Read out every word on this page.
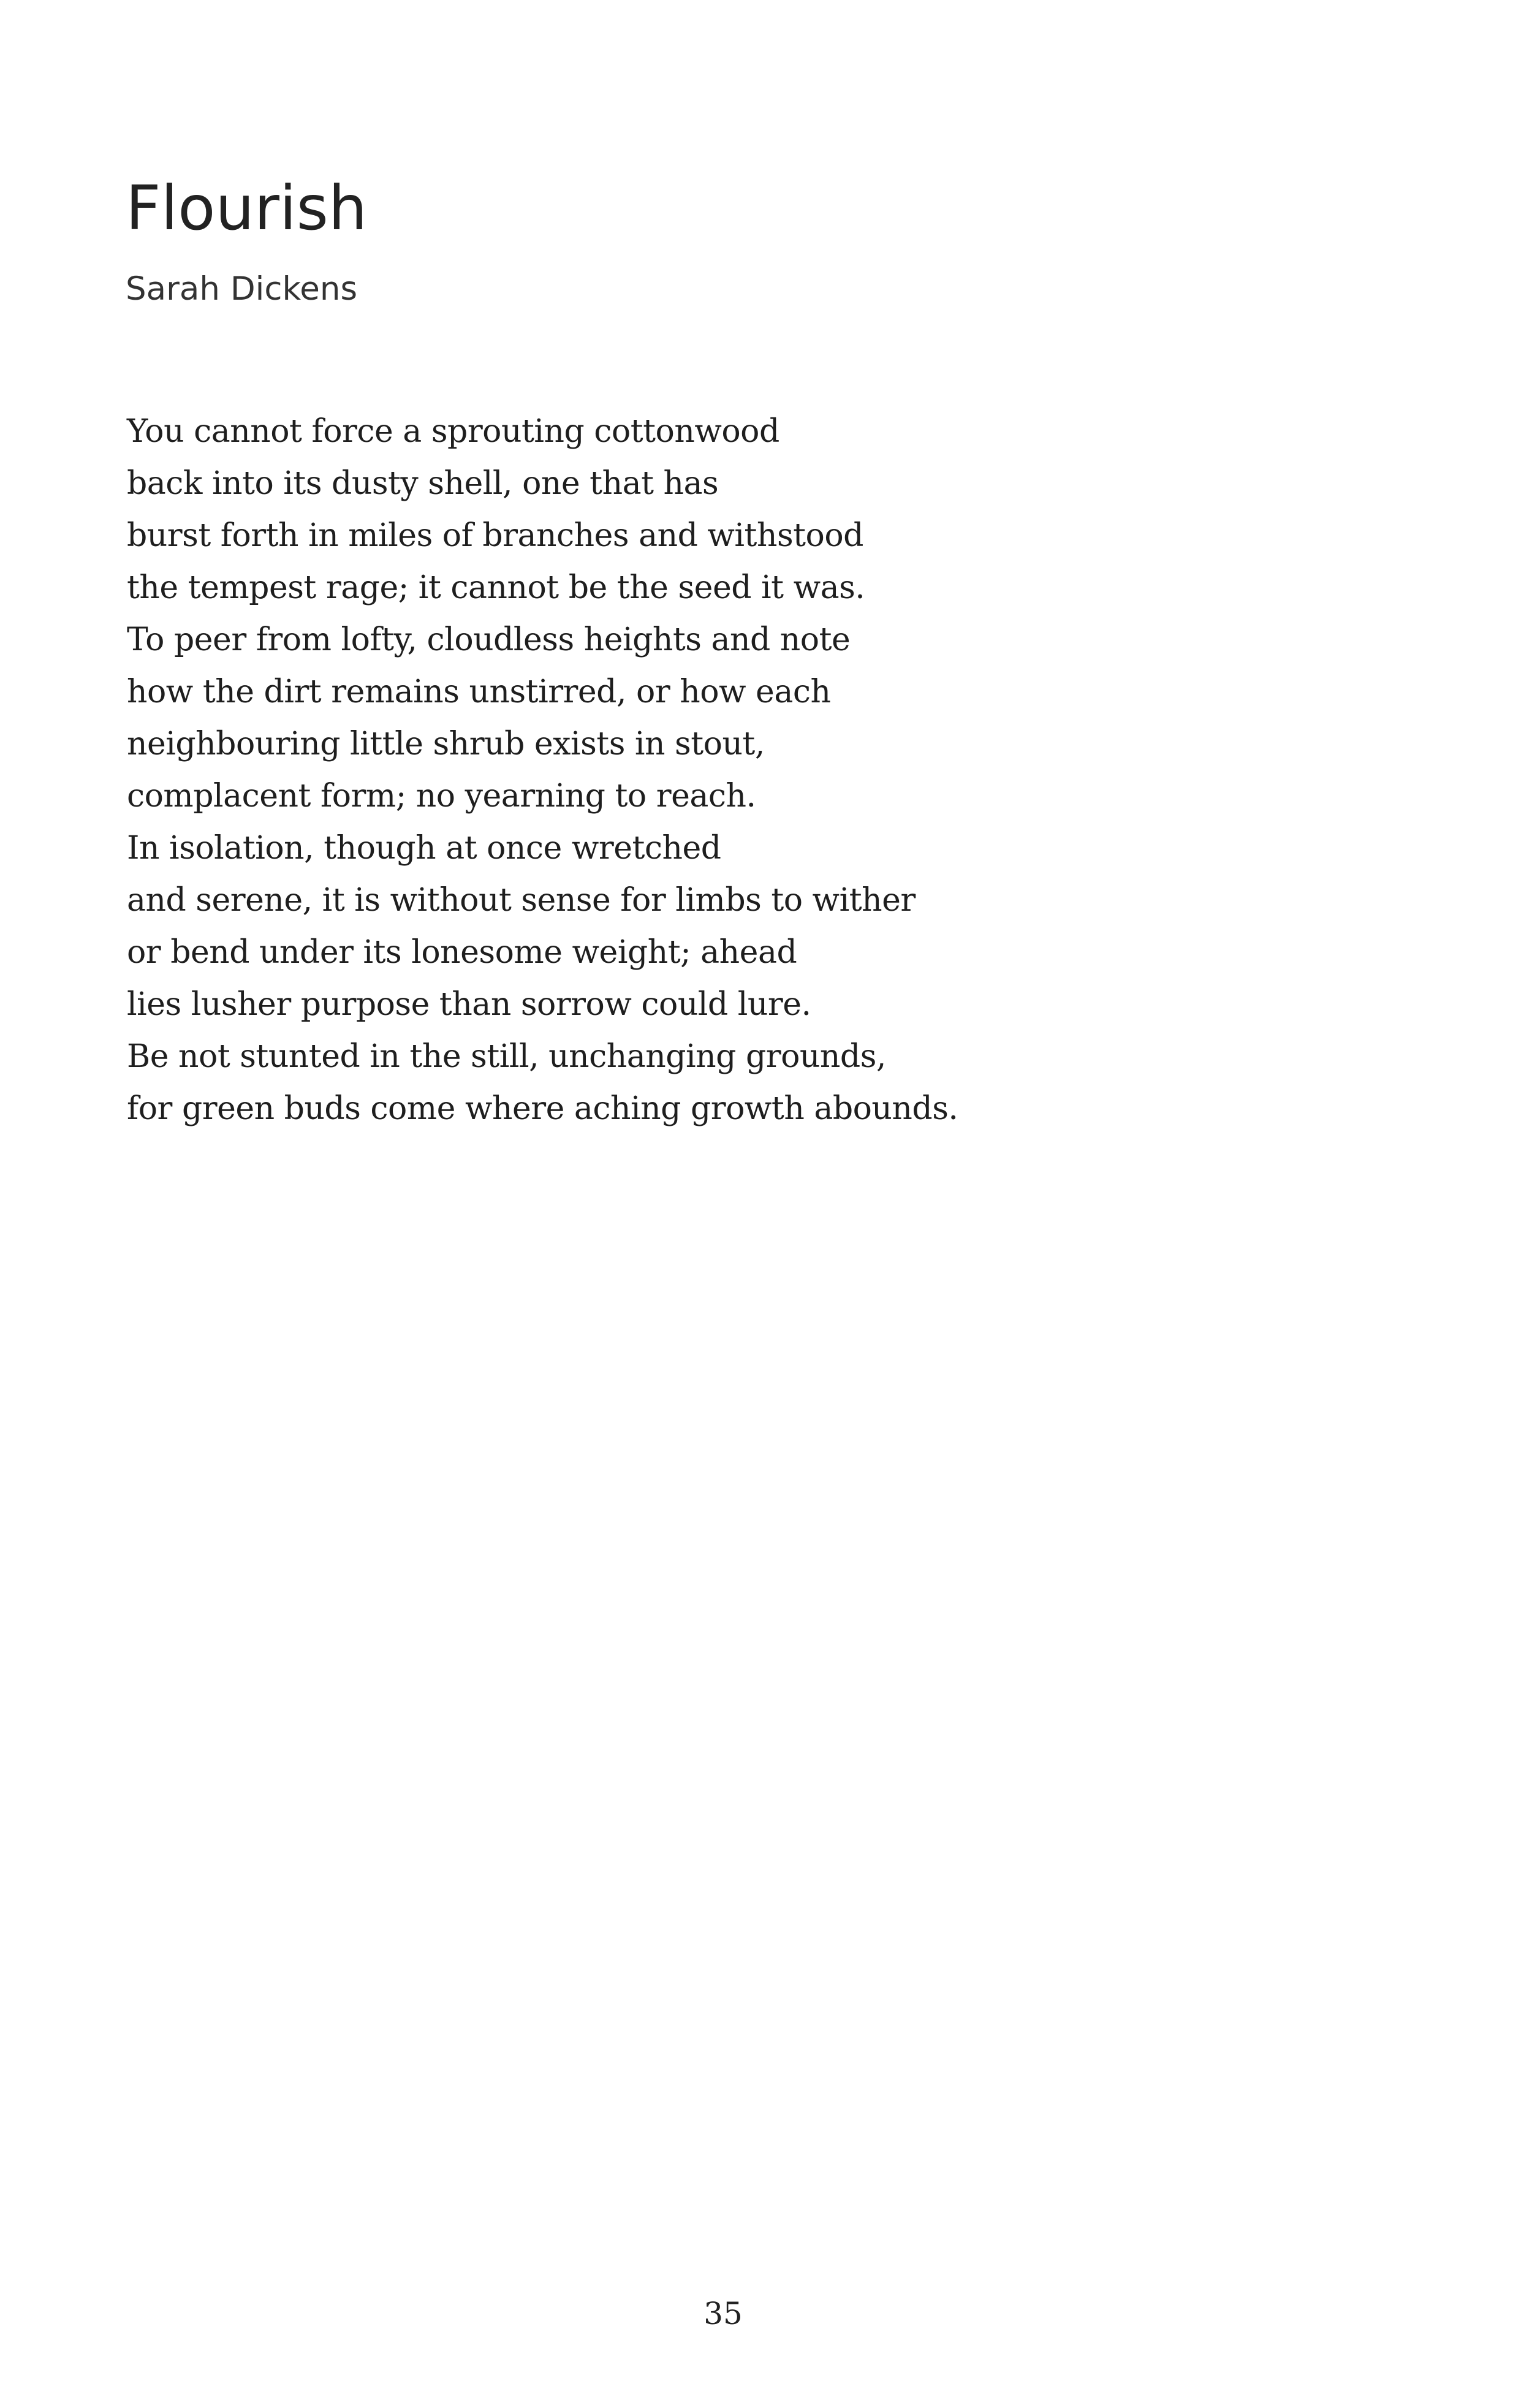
Flourish
Sarah Dickens
You cannot force a sprouting cottonwood
back into its dusty shell, one that has
burst forth in miles of branches and withstood
the tempest rage; it cannot be the seed it was.
To peer from lofty, cloudless heights and note
how the dirt remains unstirred, or how each
neighbouring little shrub exists in stout,
complacent form; no yearning to reach.
In isolation, though at once wretched
and serene, it is without sense for limbs to wither
or bend under its lonesome weight; ahead
lies lusher purpose than sorrow could lure.
Be not stunted in the still, unchanging grounds,
for green buds come where aching growth abounds.
35
